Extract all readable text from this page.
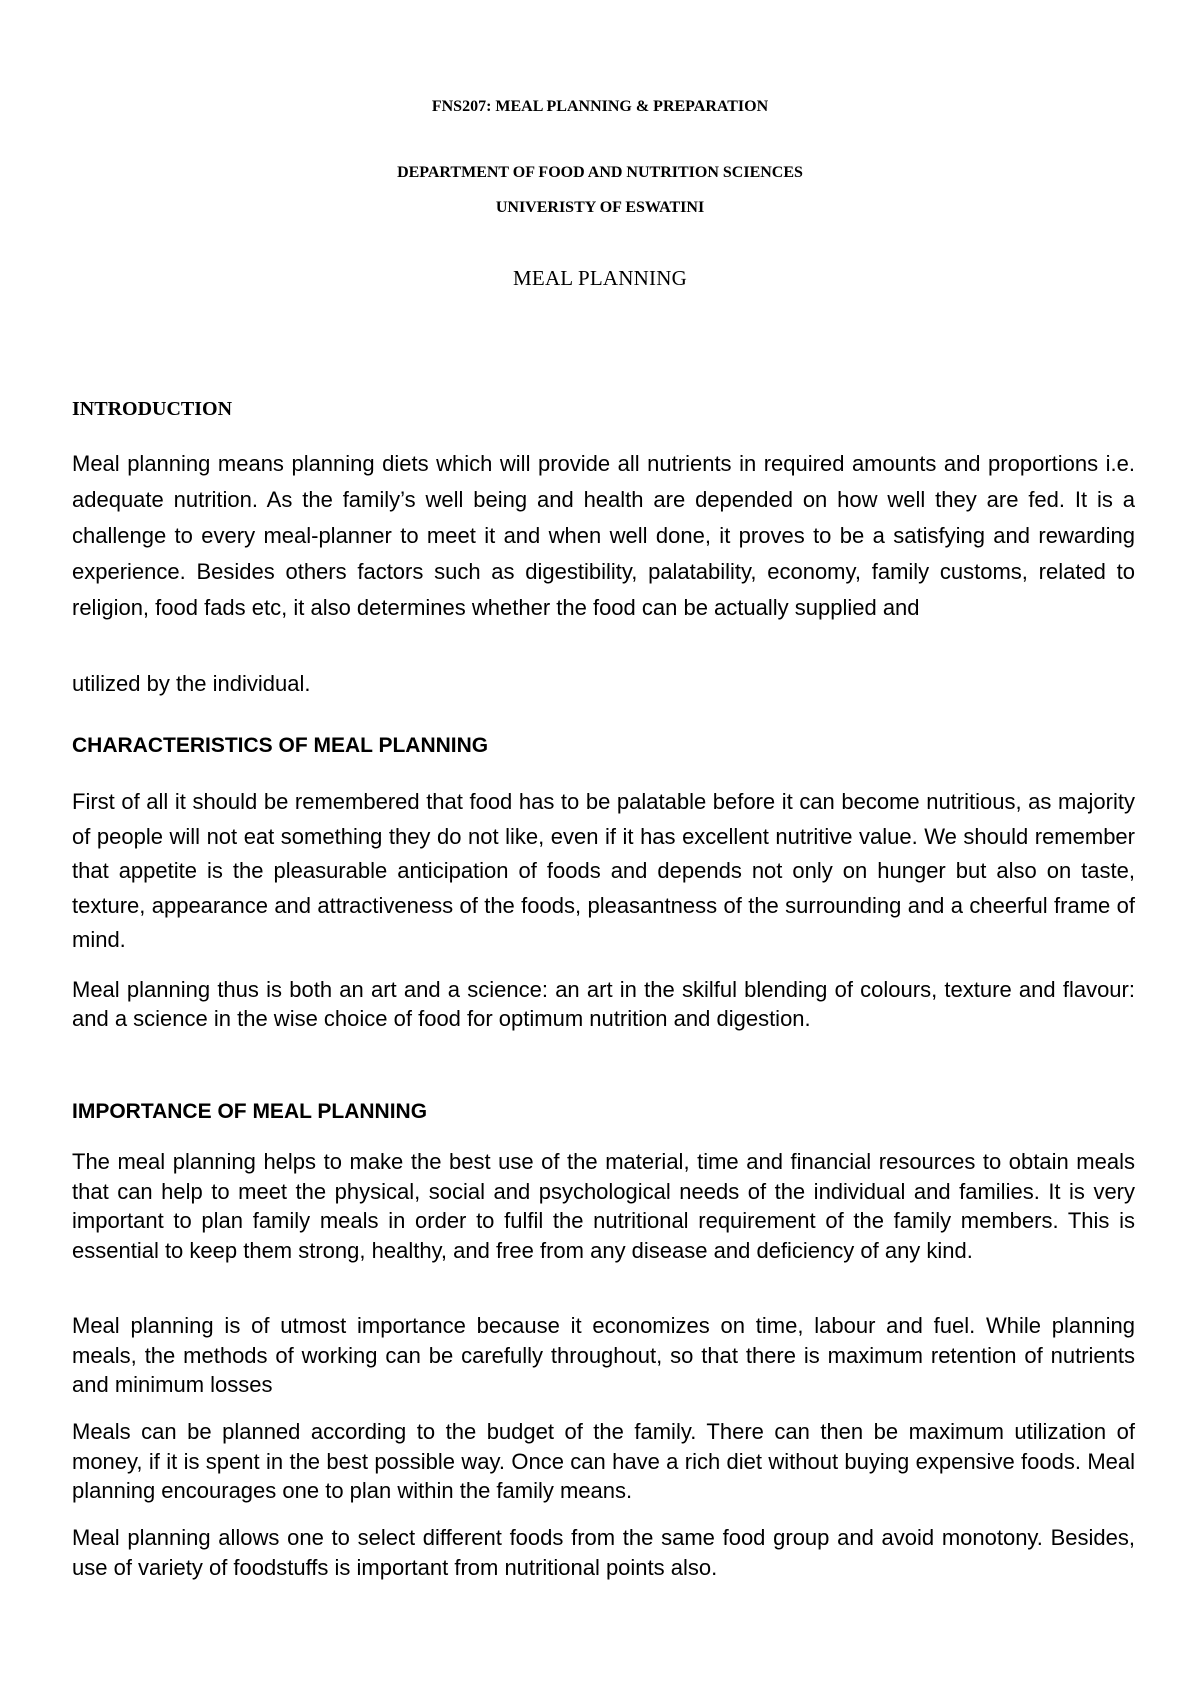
FNS207: MEAL PLANNING & PREPARATION
DEPARTMENT OF FOOD AND NUTRITION SCIENCES
UNIVERISTY OF ESWATINI
MEAL PLANNING
INTRODUCTION

Meal planning means planning diets which will provide all nutrients in required amounts and proportions i.e. adequate nutrition. As the family’s well being and health are depended on how well they are fed. It is a challenge to every meal-planner to meet it and when well done, it proves to be a satisfying and rewarding experience. Besides others factors such as digestibility, palatability, economy, family customs, related to religion, food fads etc, it also determines whether the food can be actually supplied and

utilized by the individual.

CHARACTERISTICS OF MEAL PLANNING

First of all it should be remembered that food has to be palatable before it can become nutritious, as majority of people will not eat something they do not like, even if it has excellent nutritive value. We should remember that appetite is the pleasurable anticipation of foods and depends not only on hunger but also on taste, texture, appearance and attractiveness of the foods, pleasantness of the surrounding and a cheerful frame of mind.

Meal planning thus is both an art and a science: an art in the skilful blending of colours, texture and flavour: and a science in the wise choice of food for optimum nutrition and digestion.

IMPORTANCE OF MEAL PLANNING

The meal planning helps to make the best use of the material, time and financial resources to obtain meals that can help to meet the physical, social and psychological needs of the individual and families. It is very important to plan family meals in order to fulfil the nutritional requirement of the family members. This is essential to keep them strong, healthy, and free from any disease and deficiency of any kind.

Meal planning is of utmost importance because it economizes on time, labour and fuel. While planning meals, the methods of working can be carefully throughout, so that there is maximum retention of nutrients and minimum losses

Meals can be planned according to the budget of the family. There can then be maximum utilization of money, if it is spent in the best possible way. Once can have a rich diet without buying expensive foods. Meal planning encourages one to plan within the family means.

Meal planning allows one to select different foods from the same food group and avoid monotony. Besides, use of variety of foodstuffs is important from nutritional points also.
